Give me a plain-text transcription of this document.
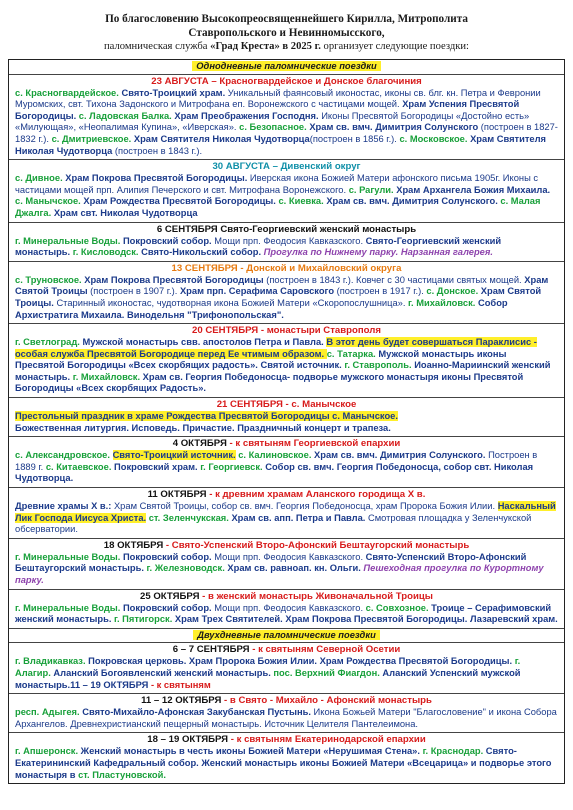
По благословению Высокопреосвященнейшего Кирилла, Митрополита
Ставропольского и Невинномысского,
паломническая служба «Град Креста» в 2025 г. организует следующие поездки:
Однодневные паломнические поездки
23 АВГУСТА – Красногвардейское и Донское благочиния
с. Красногвардейское. Свято-Троицкий храм. Уникальный фаянсовый иконостас, иконы св. блг. кн. Петра и Февронии Муромских, свт. Тихона Задонского и Митрофана еп. Воронежского с частицами мощей. Храм Успения Пресвятой Богородицы. с. Ладовская Балка. Храм Преображения Господня. Иконы Пресвятой Богородицы «Достойно есть» «Милующая», «Неопалимая Купина», «Иверская». с. Безопасное. Храм св. вмч. Димитрия Солунского (построен в 1827-1832 г.). с. Дмитриевское. Храм Святителя Николая Чудотворца(построен в 1856 г.). с. Московское. Храм Святителя Николая Чудотворца (построен в 1843 г.).
30 АВГУСТА – Дивенский округ
с. Дивное. Храм Покрова Пресвятой Богородицы. Иверская икона Божией Матери афонского письма 1905г. Иконы с частицами мощей прп. Алипия Печерского и свт. Митрофана Воронежского. с. Рагули. Храм Архангела Божия Михаила. с. Манычское. Храм Рождества Пресвятой Богородицы. с. Киевка. Храм св. вмч. Димитрия Солунского. с. Малая Джалга. Храм свт. Николая Чудотворца
6 СЕНТЯБРЯ Свято-Георгиевский женский монастырь
г. Минеральные Воды. Покровский собор. Мощи прп. Феодосия Кавказского. Свято-Георгиевский женский монастырь. г. Кисловодск. Свято-Никольский собор. Прогулка по Нижнему парку. Нарзанная галерея.
13 СЕНТЯБРЯ - Донской и Михайловский округа
с. Труновское. Храм Покрова Пресвятой Богородицы (построен в 1843 г.). Ковчег с 30 частицами святых мощей. Храм Святой Троицы (построен в 1907 г.). Храм прп. Серафима Саровского (построен в 1917 г.). с. Донское. Храм Святой Троицы. Старинный иконостас, чудотворная икона Божией Матери «Скоропослушница». г. Михайловск. Собор Архистратига Михаила. Винодельня "Трифонопольская".
20 СЕНТЯБРЯ - монастыри Ставрополя
г. Светлоград. Мужской монастырь свв. апостолов Петра и Павла. В этот день будет совершаться Параклисис - особая служба Пресвятой Богородице перед Ее чтимым образом. с. Татарка. Мужской монастырь иконы Пресвятой Богородицы «Всех скорбящих радость». Святой источник. г. Ставрополь. Иоанно-Мариинский женский монастырь. г. Михайловск. Храм св. Георгия Победоносца- подворье мужского монастыря иконы Пресвятой Богородицы «Всех скорбящих Радость».
21 СЕНТЯБРЯ - с. Манычское
Престольный праздник в храме Рождества Пресвятой Богородицы с. Манычское.
Божественная литургия. Исповедь. Причастие. Праздничный концерт и трапеза.
4 ОКТЯБРЯ - к святыням Георгиевской епархии
с. Александровское. Свято-Троицкий источник. с. Калиновское. Храм св. вмч. Димитрия Солунского. Построен в 1889 г. с. Китаевское. Покровский храм. г. Георгиевск. Собор св. вмч. Георгия Победоносца, собор свт. Николая Чудотворца.
11 ОКТЯБРЯ - к древним храмам Аланского городища X в.
Древние храмы Х в.: Храм Святой Троицы, собор св. вмч. Георгия Победоносца, храм Пророка Божия Илии. Наскальный Лик Господа Иисуса Христа. ст. Зеленчукская. Храм св. апп. Петра и Павла. Смотровая площадка у Зеленчукской обсерватории.
18 ОКТЯБРЯ - Свято-Успенский Второ-Афонский Бештаугорский монастырь
г. Минеральные Воды. Покровский собор. Мощи прп. Феодосия Кавказского. Свято-Успенский Второ-Афонский Бештаугорский монастырь. г. Железноводск. Храм св. равноап. кн. Ольги. Пешеходная прогулка по Курортному парку.
25 ОКТЯБРЯ - в женский монастырь Живоначальной Троицы
г. Минеральные Воды. Покровский собор. Мощи прп. Феодосия Кавказского. с. Совхозное. Троице – Серафимовский женский монастырь. г. Пятигорск. Храм Трех Святителей. Храм Покрова Пресвятой Богородицы. Лазаревский храм.
Двухдневные паломнические поездки
6 – 7 СЕНТЯБРЯ - к святыням Северной Осетии
г. Владикавказ. Покровская церковь. Храм Пророка Божия Илии. Храм Рождества Пресвятой Богородицы. г. Алагир. Аланский Богоявленский женский монастырь. пос. Верхний Фиагдон. Аланский Успенский мужской монастырь.11 – 19 ОКТЯБРЯ - к святыням
11 – 12 ОКТЯБРЯ - в Свято - Михайло - Афонский монастырь
респ. Адыгея. Свято-Михайло-Афонская Закубанская Пустынь. Икона Божьей Матери "Благословение" и икона Собора Архангелов. Древнехристианский пещерный монастырь. Источник Целителя Пантелеимона.
18 – 19 ОКТЯБРЯ - к святыням Екатеринодарской епархии
г. Апшеронск. Женский монастырь в честь иконы Божией Матери «Нерушимая Стена». г. Краснодар. Свято-Екатерининский Кафедральный собор. Женский монастырь иконы Божией Матери «Всецарица» и подворье этого монастыря в ст. Пластуновской.
